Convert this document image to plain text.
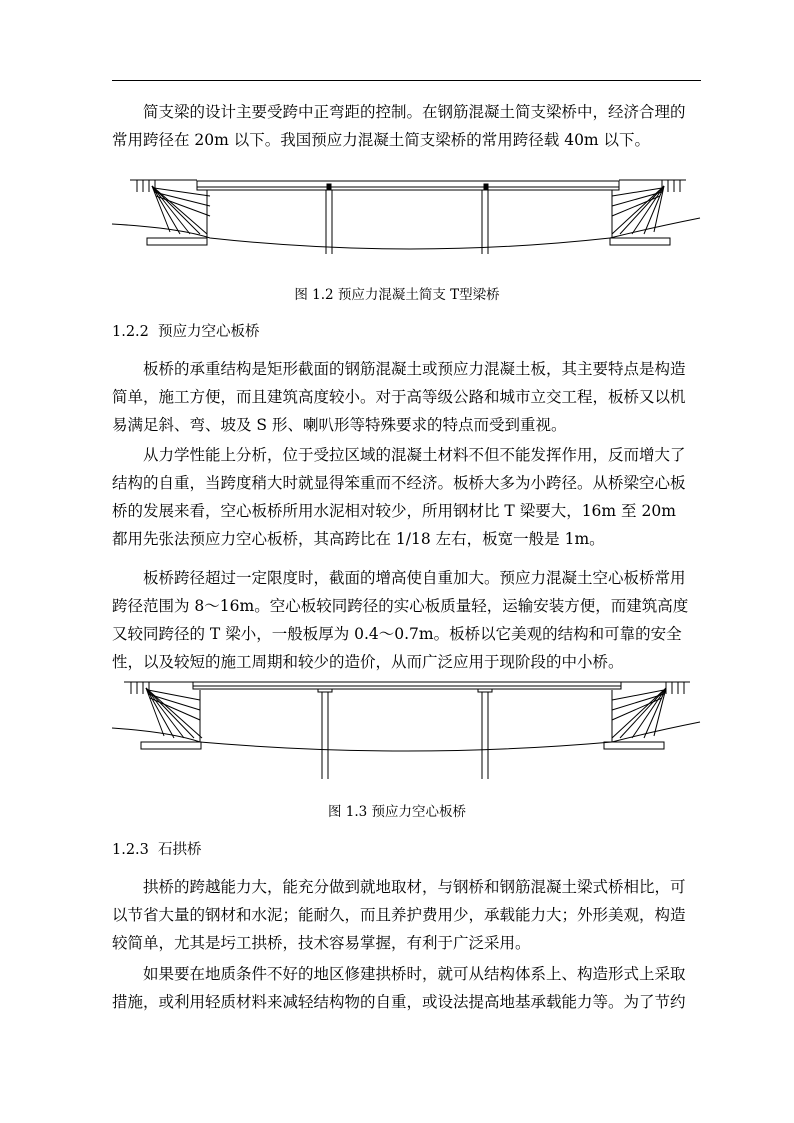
简支梁的设计主要受跨中正弯距的控制。在钢筋混凝土简支梁桥中，经济合理的
常用跨径在 20m 以下。我国预应力混凝土简支梁桥的常用跨径载 40m 以下。

图 1.2 预应力混凝土简支 T型梁桥
1.2.2 预应力空心板桥

板桥的承重结构是矩形截面的钢筋混凝土或预应力混凝土板，其主要特点是构造
简单，施工方便，而且建筑高度较小。对于高等级公路和城市立交工程，板桥又以机
易满足斜、弯、坡及 S 形、喇叭形等特殊要求的特点而受到重视。

从力学性能上分析，位于受拉区域的混凝土材料不但不能发挥作用，反而增大了
结构的自重，当跨度稍大时就显得笨重而不经济。板桥大多为小跨径。从桥梁空心板
桥的发展来看，空心板桥所用水泥相对较少，所用钢材比 T 梁要大，16m 至 20m
都用先张法预应力空心板桥，其高跨比在 1/18 左右，板宽一般是 1m。

板桥跨径超过一定限度时，截面的增高使自重加大。预应力混凝土空心板桥常用
跨径范围为 8～16m。空心板较同跨径的实心板质量轻，运输安装方便，而建筑高度
又较同跨径的 T 梁小，一般板厚为 0.4～0.7m。板桥以它美观的结构和可靠的安全
性，以及较短的施工周期和较少的造价，从而广泛应用于现阶段的中小桥。

图 1.3 预应力空心板桥
1.2.3 石拱桥

拱桥的跨越能力大，能充分做到就地取材，与钢桥和钢筋混凝土梁式桥相比，可
以节省大量的钢材和水泥；能耐久，而且养护费用少，承载能力大；外形美观，构造
较简单，尤其是圬工拱桥，技术容易掌握，有利于广泛采用。

如果要在地质条件不好的地区修建拱桥时，就可从结构体系上、构造形式上采取
措施，或利用轻质材料来减轻结构物的自重，或设法提高地基承载能力等。为了节约
